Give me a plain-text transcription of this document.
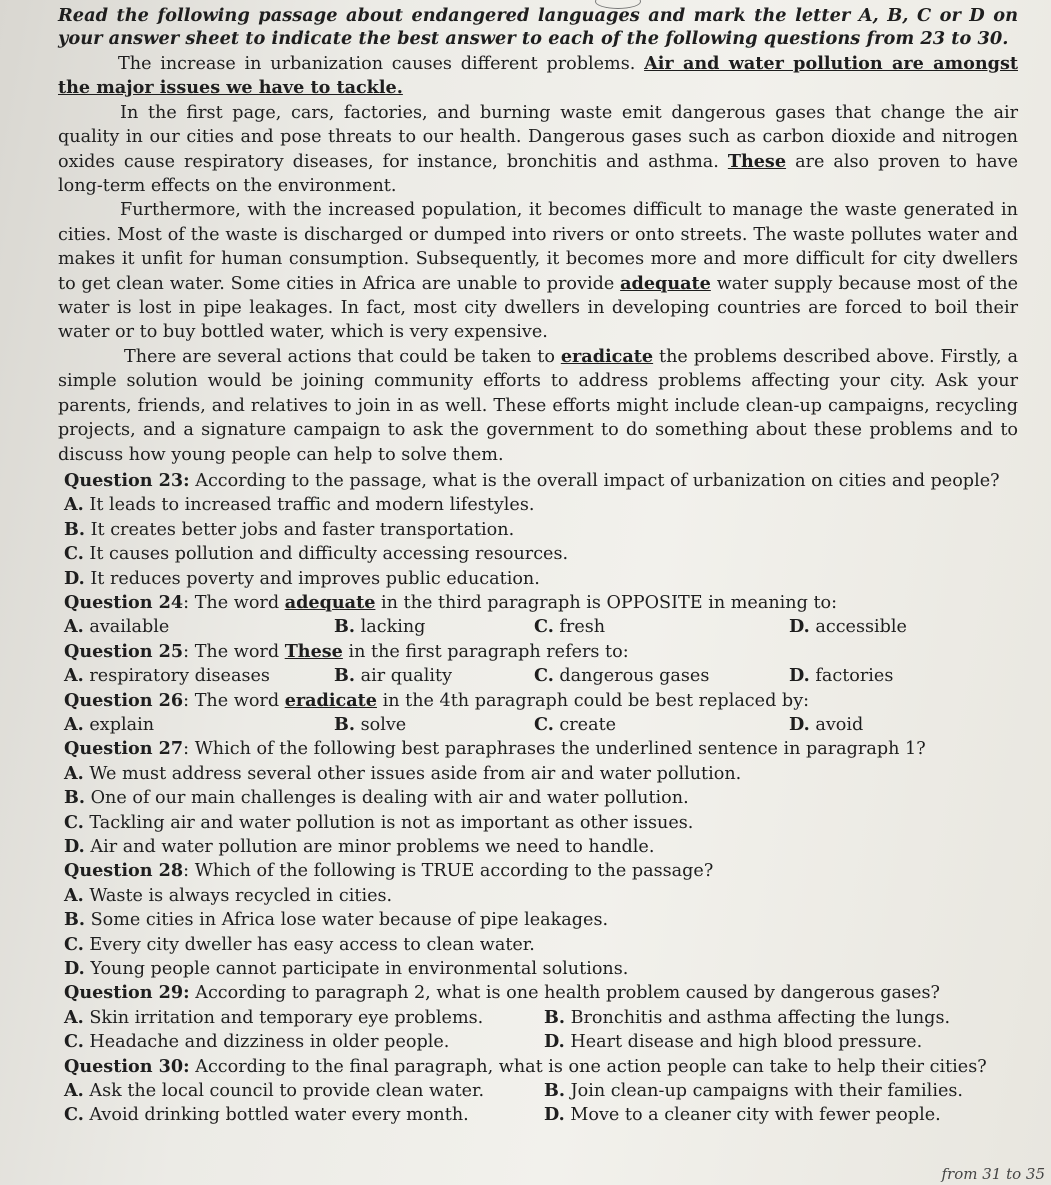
Read the following passage about endangered languages and mark the letter A, B, C or D on your answer sheet to indicate the best answer to each of the following questions from 23 to 30.

The increase in urbanization causes different problems. Air and water pollution are amongst the major issues we have to tackle.

In the first page, cars, factories, and burning waste emit dangerous gases that change the air quality in our cities and pose threats to our health. Dangerous gases such as carbon dioxide and nitrogen oxides cause respiratory diseases, for instance, bronchitis and asthma. These are also proven to have long-term effects on the environment.

Furthermore, with the increased population, it becomes difficult to manage the waste generated in cities. Most of the waste is discharged or dumped into rivers or onto streets. The waste pollutes water and makes it unfit for human consumption. Subsequently, it becomes more and more difficult for city dwellers to get clean water. Some cities in Africa are unable to provide adequate water supply because most of the water is lost in pipe leakages. In fact, most city dwellers in developing countries are forced to boil their water or to buy bottled water, which is very expensive.

There are several actions that could be taken to eradicate the problems described above. Firstly, a simple solution would be joining community efforts to address problems affecting your city. Ask your parents, friends, and relatives to join in as well. These efforts might include clean-up campaigns, recycling projects, and a signature campaign to ask the government to do something about these problems and to discuss how young people can help to solve them.

Question 23: According to the passage, what is the overall impact of urbanization on cities and people?

A. It leads to increased traffic and modern lifestyles.

B. It creates better jobs and faster transportation.

C. It causes pollution and difficulty accessing resources.

D. It reduces poverty and improves public education.

Question 24: The word adequate in the third paragraph is OPPOSITE in meaning to:

A. available	B. lacking	C. fresh	D. accessible

Question 25: The word These in the first paragraph refers to:

A. respiratory diseases	B. air quality	C. dangerous gases	D. factories

Question 26: The word eradicate in the 4th paragraph could be best replaced by:

A. explain	B. solve	C. create	D. avoid

Question 27: Which of the following best paraphrases the underlined sentence in paragraph 1?

A. We must address several other issues aside from air and water pollution.

B. One of our main challenges is dealing with air and water pollution.

C. Tackling air and water pollution is not as important as other issues.

D. Air and water pollution are minor problems we need to handle.

Question 28: Which of the following is TRUE according to the passage?

A. Waste is always recycled in cities.

B. Some cities in Africa lose water because of pipe leakages.

C. Every city dweller has easy access to clean water.

D. Young people cannot participate in environmental solutions.

Question 29: According to paragraph 2, what is one health problem caused by dangerous gases?

A. Skin irritation and temporary eye problems.	B. Bronchitis and asthma affecting the lungs.

C. Headache and dizziness in older people.	D. Heart disease and high blood pressure.

Question 30: According to the final paragraph, what is one action people can take to help their cities?

A. Ask the local council to provide clean water.	B. Join clean-up campaigns with their families.

C. Avoid drinking bottled water every month.	D. Move to a cleaner city with fewer people.

from 31 to 35
